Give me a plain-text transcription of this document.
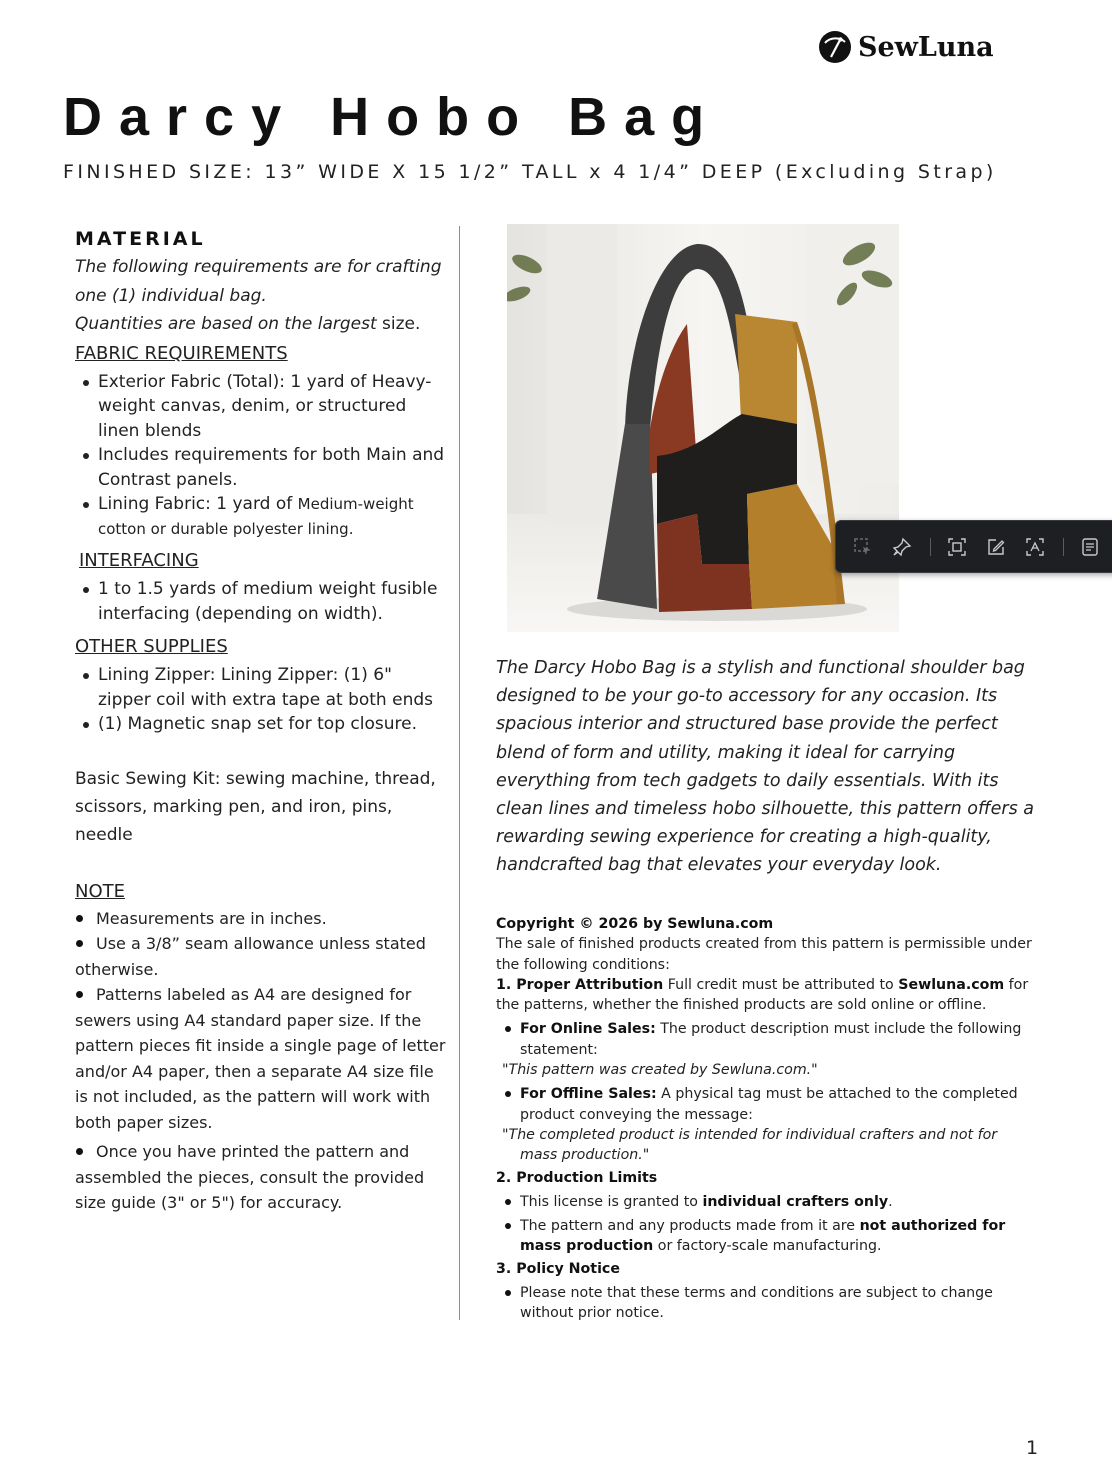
SewLuna
Darcy Hobo Bag
FINISHED SIZE: 13” WIDE X 15 1/2” TALL x 4 1/4” DEEP (Excluding Strap)

MATERIAL

The following requirements are for crafting one (1) individual bag.
Quantities are based on the largest size.

FABRIC REQUIREMENTS

Exterior Fabric (Total): 1 yard of Heavy-weight canvas, denim, or structured linen blends
Includes requirements for both Main and Contrast panels.
Lining Fabric: 1 yard of Medium-weight cotton or durable polyester lining.

INTERFACING

1 to 1.5 yards of medium weight fusible interfacing (depending on width).

OTHER SUPPLIES

Lining Zipper: Lining Zipper: (1) 6" zipper coil with extra tape at both ends
(1) Magnetic snap set for top closure.

Basic Sewing Kit: sewing machine, thread, scissors, marking pen, and iron, pins, needle

NOTE

Measurements are in inches.
Use a 3/8” seam allowance unless stated otherwise.
Patterns labeled as A4 are designed for sewers using A4 standard paper size. If the pattern pieces fit inside a single page of letter and/or A4 paper, then a separate A4 size file is not included, as the pattern will work with both paper sizes.
Once you have printed the pattern and assembled the pieces, consult the provided size guide (3" or 5") for accuracy.

The Darcy Hobo Bag is a stylish and functional shoulder bag designed to be your go-to accessory for any occasion. Its spacious interior and structured base provide the perfect blend of form and utility, making it ideal for carrying everything from tech gadgets to daily essentials. With its clean lines and timeless hobo silhouette, this pattern offers a rewarding sewing experience for creating a high-quality, handcrafted bag that elevates your everyday look.

Copyright © 2026 by Sewluna.com

The sale of finished products created from this pattern is permissible under the following conditions:

1. Proper Attribution Full credit must be attributed to Sewluna.com for the patterns, whether the finished products are sold online or offline.

For Online Sales: The product description must include the following statement:

"This pattern was created by Sewluna.com."

For Offline Sales: A physical tag must be attached to the completed product conveying the message:

"The completed product is intended for individual crafters and not for
mass production."

2. Production Limits

This license is granted to individual crafters only.
The pattern and any products made from it are not authorized for mass production or factory-scale manufacturing.

3. Policy Notice

Please note that these terms and conditions are subject to change without prior notice.
1
